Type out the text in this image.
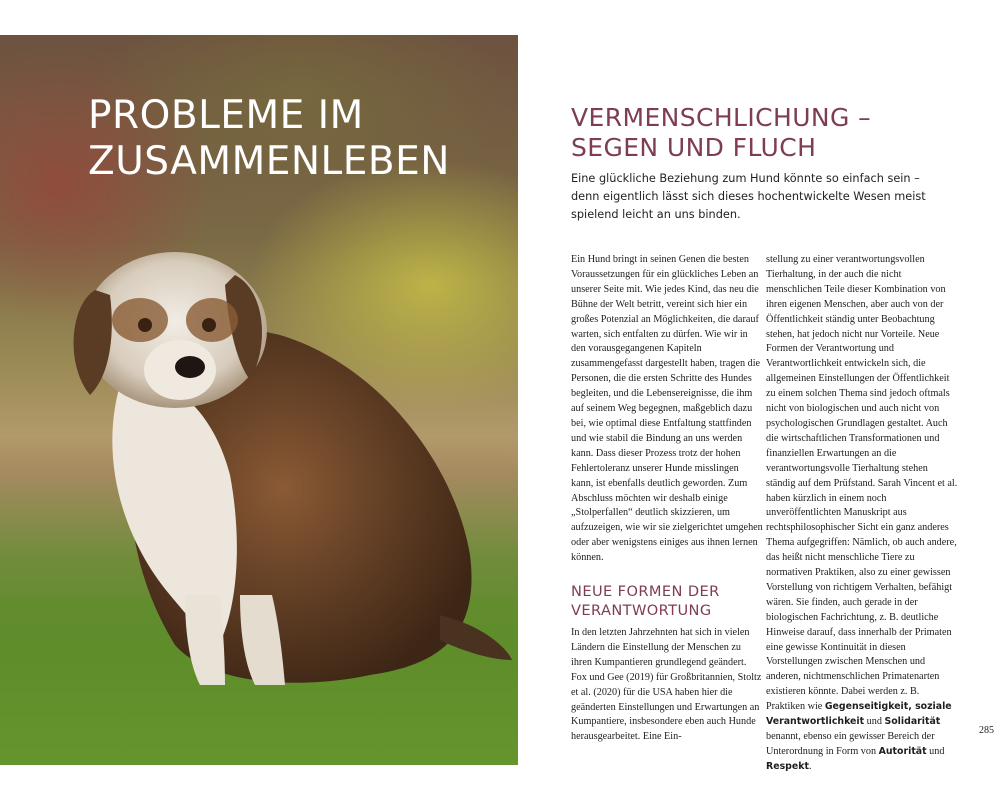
PROBLEME IM
ZUSAMMENLEBEN
VERMENSCHLICHUNG –
SEGEN UND FLUCH

Eine glückliche Beziehung zum Hund könnte so einfach sein – denn eigentlich lässt sich dieses hochentwickelte Wesen meist spielend leicht an uns binden.

Ein Hund bringt in seinen Genen die besten Voraussetzungen für ein glückliches Leben an unserer Seite mit. Wie jedes Kind, das neu die Bühne der Welt betritt, vereint sich hier ein großes Potenzial an Möglichkeiten, die darauf warten, sich entfalten zu dürfen. Wie wir in den vorausgegangenen Kapiteln zusammengefasst dargestellt haben, tragen die Personen, die die ersten Schritte des Hundes begleiten, und die Lebensereignisse, die ihm auf seinem Weg begegnen, maßgeblich dazu bei, wie optimal diese Entfaltung stattfinden und wie stabil die Bindung an uns werden kann. Dass dieser Prozess trotz der hohen Fehlertoleranz unserer Hunde misslingen kann, ist ebenfalls deutlich geworden. Zum Abschluss möchten wir deshalb einige „Stolperfallen“ deutlich skizzieren, um aufzuzeigen, wie wir sie zielgerichtet umgehen oder aber wenigstens einiges aus ihnen lernen können.

NEUE FORMEN DER
VERANTWORTUNG

In den letzten Jahrzehnten hat sich in vielen Ländern die Einstellung der Menschen zu ihren Kumpantieren grundlegend geändert. Fox und Gee (2019) für Großbritannien, Stoltz et al. (2020) für die USA haben hier die geänderten Einstellungen und Erwartungen an Kumpantiere, insbesondere eben auch Hunde herausgearbeitet. Eine Ein-

stellung zu einer verantwortungsvollen Tierhaltung, in der auch die nicht menschlichen Teile dieser Kombination von ihren eigenen Menschen, aber auch von der Öffentlichkeit ständig unter Beobachtung stehen, hat jedoch nicht nur Vorteile. Neue Formen der Verantwortung und Verantwortlichkeit entwickeln sich, die allgemeinen Einstellungen der Öffentlichkeit zu einem solchen Thema sind jedoch oftmals nicht von biologischen und auch nicht von psychologischen Grundlagen gestaltet. Auch die wirtschaftlichen Transformationen und finanziellen Erwartungen an die verantwortungsvolle Tierhaltung stehen ständig auf dem Prüfstand. Sarah Vincent et al. haben kürzlich in einem noch unveröffentlichten Manuskript aus rechtsphilosophischer Sicht ein ganz anderes Thema aufgegriffen: Nämlich, ob auch andere, das heißt nicht menschliche Tiere zu normativen Praktiken, also zu einer gewissen Vorstellung von richtigem Verhalten, befähigt wären. Sie finden, auch gerade in der biologischen Fachrichtung, z. B. deutliche Hinweise darauf, dass innerhalb der Primaten eine gewisse Kontinuität in diesen Vorstellungen zwischen Menschen und anderen, nichtmenschlichen Primatenarten existieren könnte. Dabei werden z. B. Praktiken wie Gegenseitigkeit, soziale Verantwortlichkeit und Solidarität benannt, ebenso ein gewisser Bereich der Unterordnung in Form von Autorität und Respekt.

285
